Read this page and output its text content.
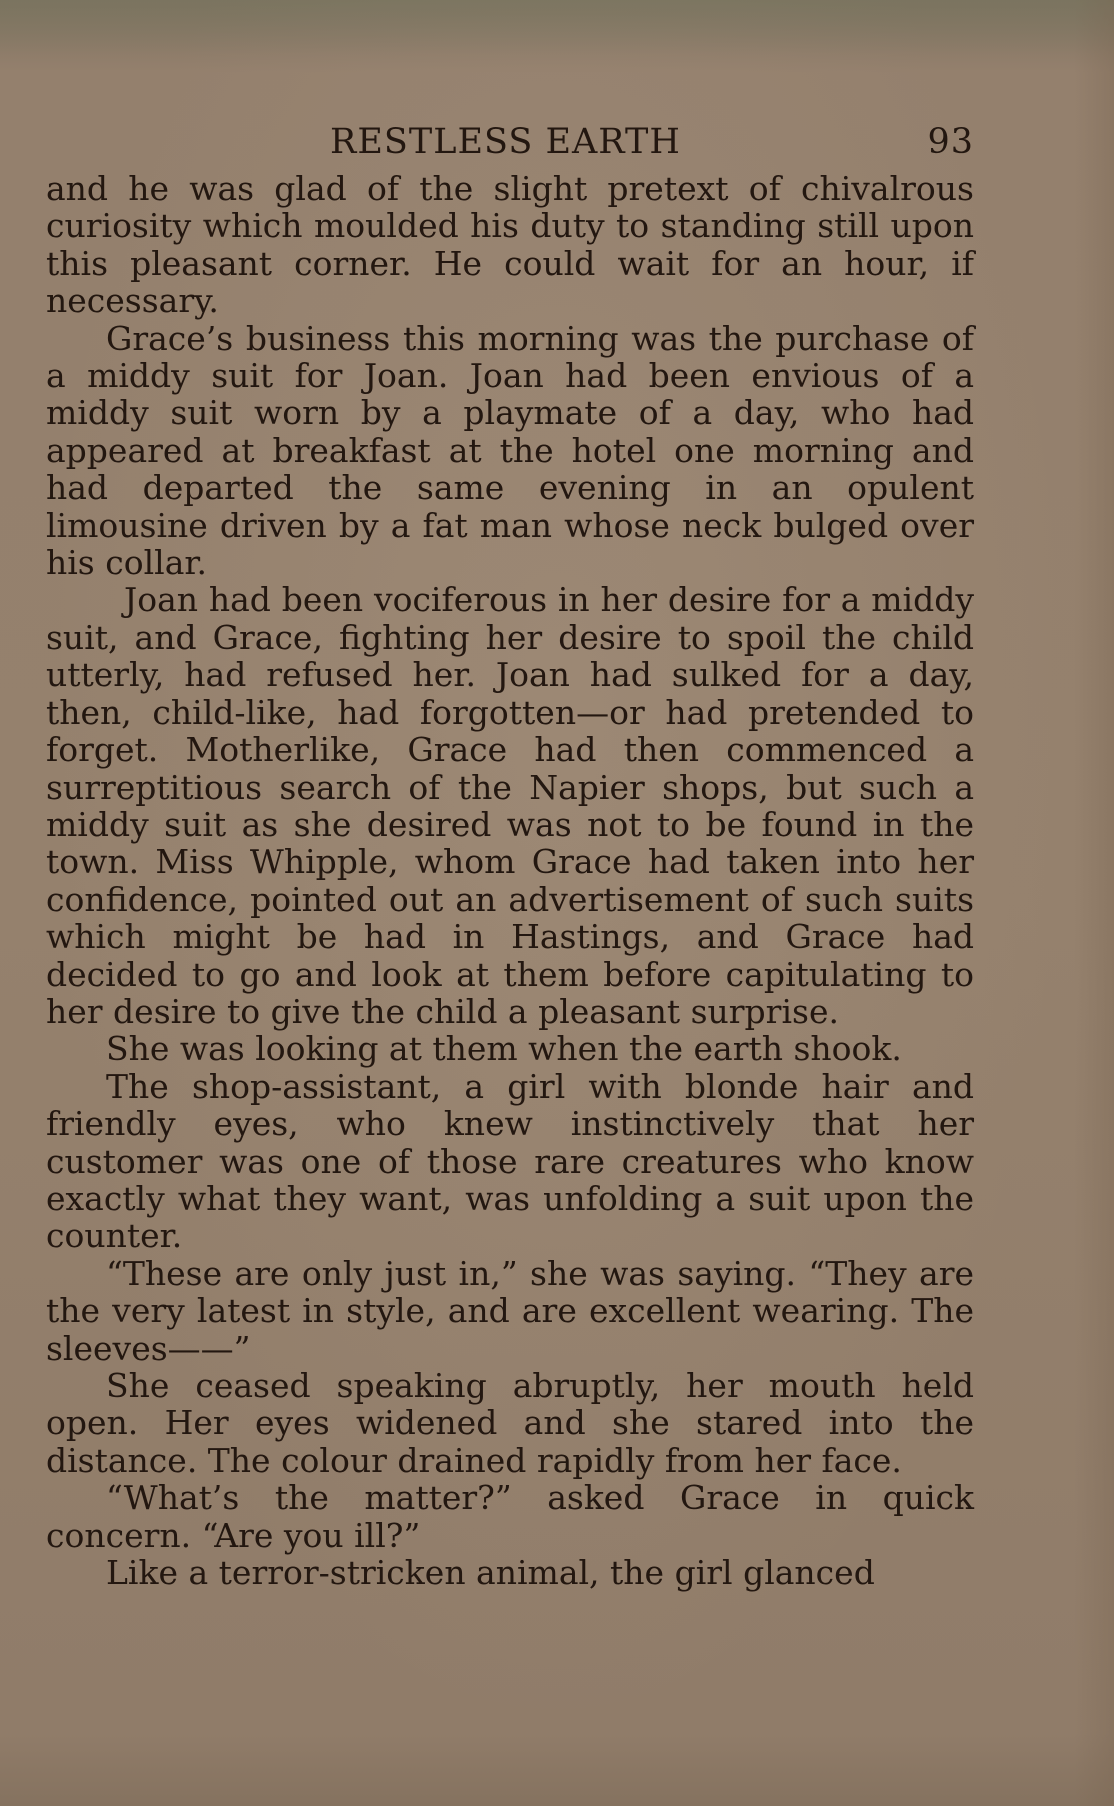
RESTLESS EARTH	93

and he was glad of the slight pretext of chivalrous curiosity which moulded his duty to standing still upon this pleasant corner. He could wait for an hour, if necessary.

Grace’s business this morning was the purchase of a middy suit for Joan. Joan had been envious of a middy suit worn by a playmate of a day, who had appeared at breakfast at the hotel one morning and had departed the same evening in an opulent limousine driven by a fat man whose neck bulged over his collar.

Joan had been vociferous in her desire for a middy suit, and Grace, fighting her desire to spoil the child utterly, had refused her. Joan had sulked for a day, then, child-like, had forgotten—or had pretended to forget. Motherlike, Grace had then commenced a surreptitious search of the Napier shops, but such a middy suit as she desired was not to be found in the town. Miss Whipple, whom Grace had taken into her confidence, pointed out an advertisement of such suits which might be had in Hastings, and Grace had decided to go and look at them before capitulating to her desire to give the child a pleasant surprise.

She was looking at them when the earth shook.

The shop-assistant, a girl with blonde hair and friendly eyes, who knew instinctively that her customer was one of those rare creatures who know exactly what they want, was unfolding a suit upon the counter.

“These are only just in,” she was saying. “They are the very latest in style, and are excellent wearing. The sleeves——”

She ceased speaking abruptly, her mouth held open. Her eyes widened and she stared into the distance. The colour drained rapidly from her face.

“What’s the matter?” asked Grace in quick concern. “Are you ill?”

Like a terror-stricken animal, the girl glanced
